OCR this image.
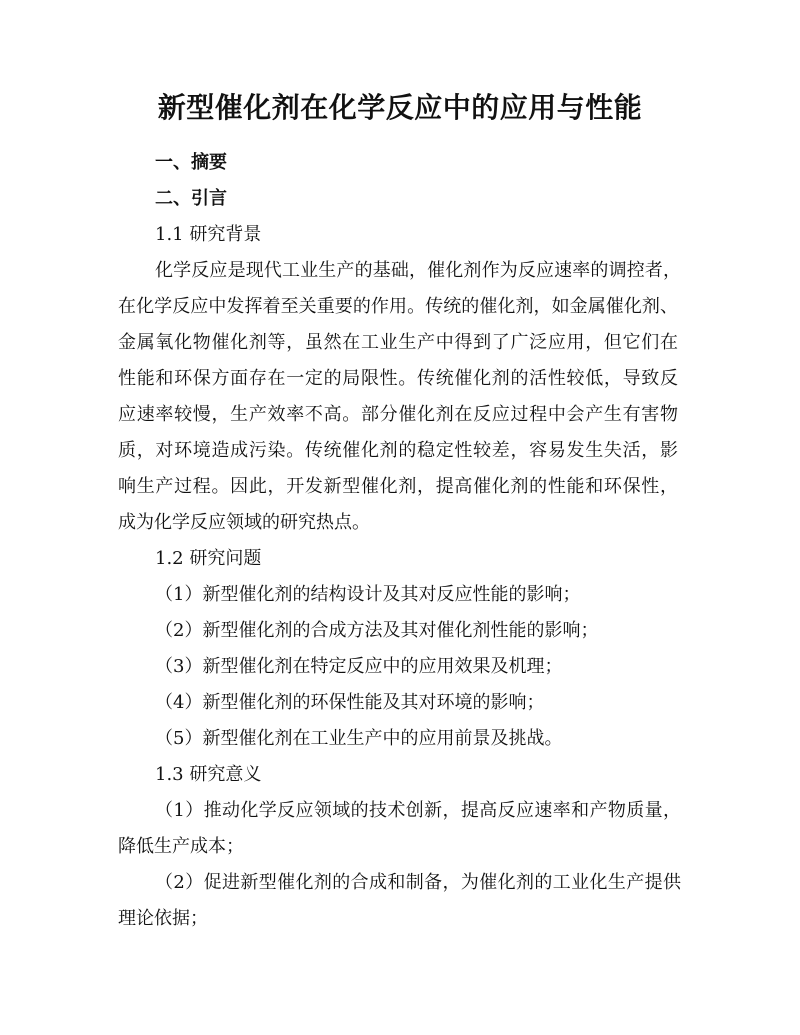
新型催化剂在化学反应中的应用与性能

一、摘要

二、引言

1.1 研究背景

化学反应是现代工业生产的基础，催化剂作为反应速率的调控者，

在化学反应中发挥着至关重要的作用。传统的催化剂，如金属催化剂、

金属氧化物催化剂等，虽然在工业生产中得到了广泛应用，但它们在

性能和环保方面存在一定的局限性。传统催化剂的活性较低，导致反

应速率较慢，生产效率不高。部分催化剂在反应过程中会产生有害物

质，对环境造成污染。传统催化剂的稳定性较差，容易发生失活，影

响生产过程。因此，开发新型催化剂，提高催化剂的性能和环保性，

成为化学反应领域的研究热点。

1.2 研究问题

（1）新型催化剂的结构设计及其对反应性能的影响；

（2）新型催化剂的合成方法及其对催化剂性能的影响；

（3）新型催化剂在特定反应中的应用效果及机理；

（4）新型催化剂的环保性能及其对环境的影响；

（5）新型催化剂在工业生产中的应用前景及挑战。

1.3 研究意义

（1）推动化学反应领域的技术创新，提高反应速率和产物质量，

降低生产成本；

（2）促进新型催化剂的合成和制备，为催化剂的工业化生产提供

理论依据；
